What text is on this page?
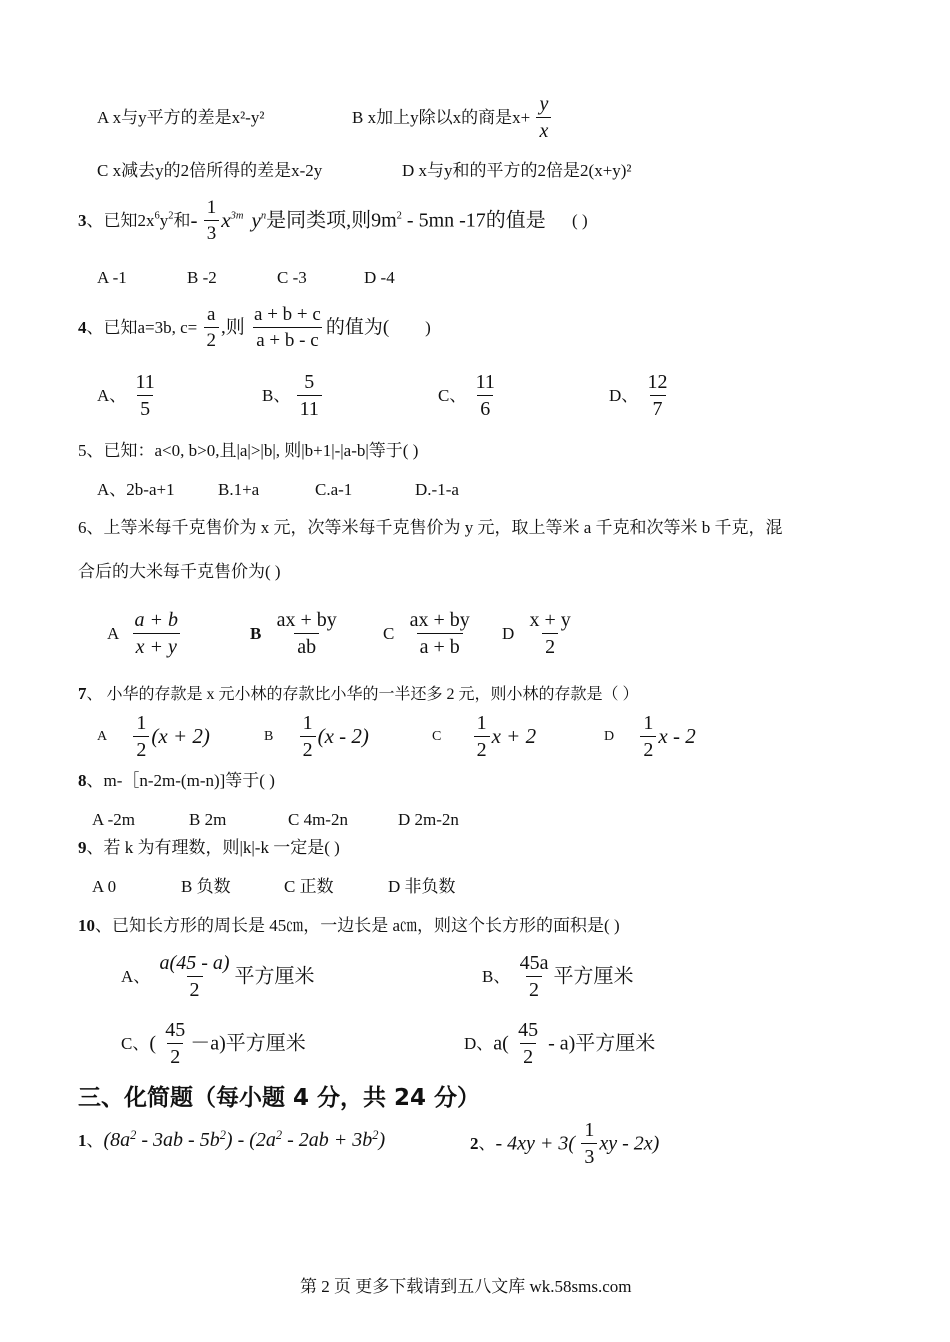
A x与y平方的差是x²-y²	B x加上y除以x的商是$x+ \frac{y}{x}$
C x减去y的2倍所得的差是x-2y	D x与y和的平方的2倍是2(x+y)²
3、已知$2x^6y^2$和- $\frac{1}{3} x^{3m}$ $y^n$是同类项,则$9m^2 - 5mn$ -17的值是 ( )
A -1	B -2	C -3	D -4
4、已知a=3b, $c= \frac{a}{2}$ ,则 $\frac{a + b + c}{a + b - c}$ 的值为( )
A、 $\frac{11}{5}$	B、 $\frac{5}{11}$	C、 $\frac{11}{6}$	D、 $\frac{12}{7}$
5、已知：a<0, b>0,且|a|>|b|, 则|b+1|-|a-b|等于( )
A、2b-a+1	B.1+a	C.a-1	D.-1-a
6、上等米每千克售价为 x 元，次等米每千克售价为 y 元，取上等米 a 千克和次等米 b 千克，混
合后的大米每千克售价为( )
A $\frac{a + b}{x + y}$	B $\frac{ax + by}{ab}$	C $\frac{ax + by}{a + b}$ D $\frac{x + y}{2}$
7、 小华的存款是 x 元小林的存款比小华的一半还多 2 元，则小林的存款是（ ）
A $\frac{1}{2} (x + 2)$	B $\frac{1}{2} (x - 2)$	C $\frac{1}{2}$ x + 2	D $\frac{1}{2}$ x - 2
8、m-［n-2m-(m-n)]等于( )
A -2m	B 2m	C 4m-2n	D 2m-2n
9、若 k 为有理数，则|k|-k 一定是( )
A 0	B 负数	C 正数	D 非负数
10、已知长方形的周长是 45㎝，一边长是 a㎝，则这个长方形的面积是( )
A、 $\frac{a(45 - a)}{2}$ 平方厘米	B、 $\frac{45a}{2}$ 平方厘米
C、( $\frac{45}{2} -a$)平方厘米	D、$a( \frac{45}{2} - a)$平方厘米
三、化简题（每小题 4 分，共 24 分）
1、$(8a^2 - 3ab - 5b^2) - (2a^2 - 2ab + 3b^2)$	2、- $4xy + 3( \frac{1}{3}$ xy - 2x)
第 2 页 更多下载请到五八文库 wk.58sms.com
